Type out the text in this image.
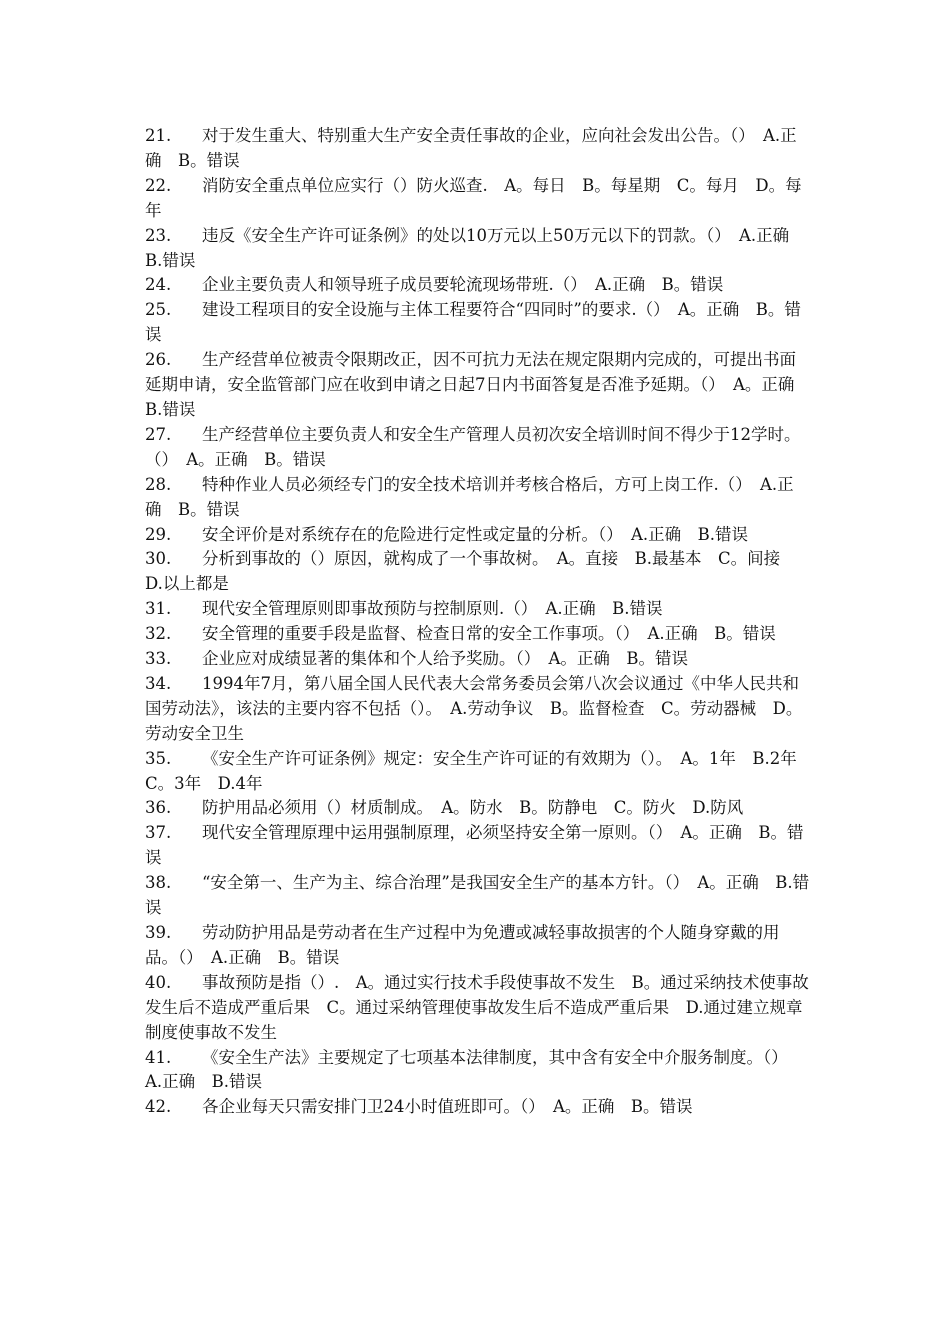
21. 对于发生重大、特别重大生产安全责任事故的企业，应向社会发出公告。（）　A.正确　B。错误

22. 消防安全重点单位应实行（）防火巡查.　A。每日　B。每星期　C。每月　D。每年

23. 违反《安全生产许可证条例》的处以10万元以上50万元以下的罚款。（）　A.正确　B.错误

24. 企业主要负责人和领导班子成员要轮流现场带班.（）　A.正确　B。错误

25. 建设工程项目的安全设施与主体工程要符合“四同时”的要求.（）　A。正确　B。错误

26. 生产经营单位被责令限期改正，因不可抗力无法在规定限期内完成的，可提出书面延期申请，安全监管部门应在收到申请之日起7日内书面答复是否准予延期。（）　A。正确　B.错误

27. 生产经营单位主要负责人和安全生产管理人员初次安全培训时间不得少于12学时。（）　A。正确　B。错误

28. 特种作业人员必须经专门的安全技术培训并考核合格后，方可上岗工作.（）　A.正确　B。错误

29. 安全评价是对系统存在的危险进行定性或定量的分析。（）　A.正确　B.错误

30. 分析到事故的（）原因，就构成了一个事故树。　A。直接　B.最基本　C。间接　D.以上都是

31. 现代安全管理原则即事故预防与控制原则.（）　A.正确　B.错误

32. 安全管理的重要手段是监督、检查日常的安全工作事项。（）　A.正确　B。错误

33. 企业应对成绩显著的集体和个人给予奖励。（）　A。正确　B。错误

34. 1994年7月，第八届全国人民代表大会常务委员会第八次会议通过《中华人民共和国劳动法》，该法的主要内容不包括（）。　A.劳动争议　B。监督检查　C。劳动器械　D。劳动安全卫生

35. 《安全生产许可证条例》规定：安全生产许可证的有效期为（）。　A。1年　B.2年　C。3年　D.4年

36. 防护用品必须用（）材质制成。　A。防水　B。防静电　C。防火　D.防风

37. 现代安全管理原理中运用强制原理，必须坚持安全第一原则。（）　A。正确　B。错误

38. “安全第一、生产为主、综合治理”是我国安全生产的基本方针。（）　A。正确　B.错误

39. 劳动防护用品是劳动者在生产过程中为免遭或减轻事故损害的个人随身穿戴的用品。（）　A.正确　B。错误

40. 事故预防是指（）.　A。通过实行技术手段使事故不发生　B。通过采纳技术使事故发生后不造成严重后果　C。通过采纳管理使事故发生后不造成严重后果　D.通过建立规章制度使事故不发生

41. 《安全生产法》主要规定了七项基本法律制度，其中含有安全中介服务制度。（）　A.正确　B.错误

42. 各企业每天只需安排门卫24小时值班即可。（）　A。正确　B。错误
